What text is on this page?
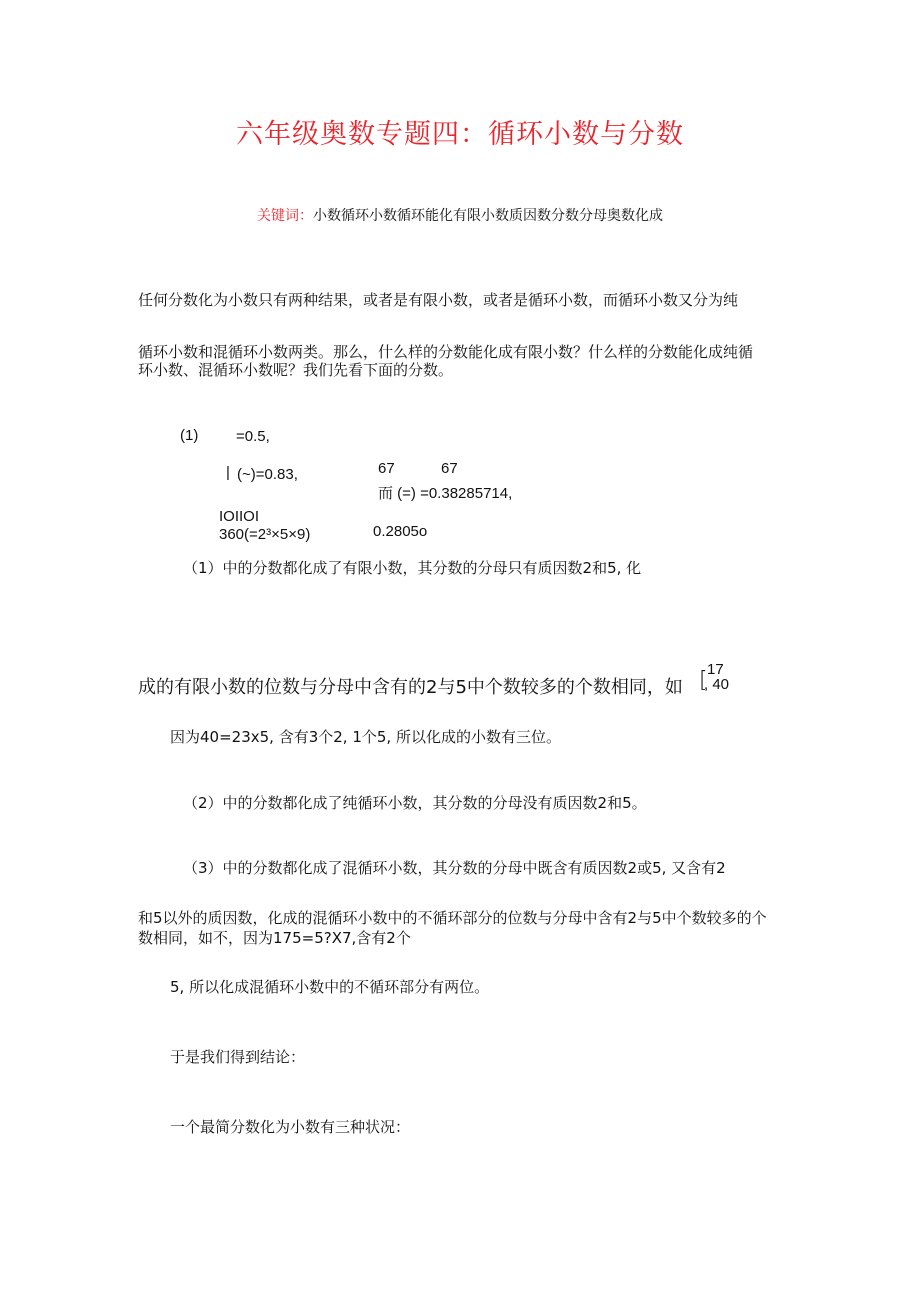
六年级奥数专题四：循环小数与分数
关键词：小数循环小数循环能化有限小数质因数分数分母奥数化成
任何分数化为小数只有两种结果，或者是有限小数，或者是循环小数，而循环小数又分为纯
循环小数和混循环小数两类。那么，什么样的分数能化成有限小数？什么样的分数能化成纯循
环小数、混循环小数呢？我们先看下面的分数。
(1)	=0.5,
| (~)=0.83,	67	67
而 (=) =0.38285714,
IOIIOI
360(=2³×5×9)	0.2805o
（1）中的分数都化成了有限小数，其分数的分母只有质因数2和5, 化
成的有限小数的位数与分母中含有的2与5中个数较多的个数相同，如 [ 17
, 40
因为40=23x5, 含有3个2, 1个5, 所以化成的小数有三位。
（2）中的分数都化成了纯循环小数，其分数的分母没有质因数2和5。
（3）中的分数都化成了混循环小数，其分数的分母中既含有质因数2或5, 又含有2
和5以外的质因数，化成的混循环小数中的不循环部分的位数与分母中含有2与5中个数较多的个
数相同，如不，因为175=5?X7,含有2个
5, 所以化成混循环小数中的不循环部分有两位。
于是我们得到结论：
一个最简分数化为小数有三种状况：
